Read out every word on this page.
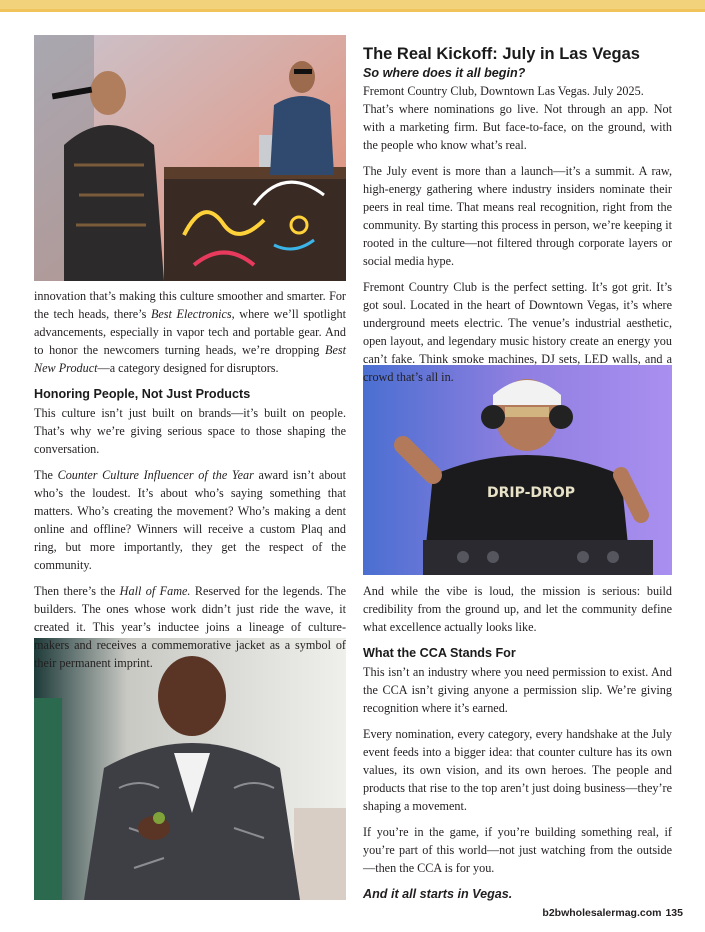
DRIP-DROP

innovation that’s making this culture smoother and smarter. For the tech heads, there’s Best Electronics, where we’ll spotlight advancements, especially in vapor tech and portable gear. And to honor the newcomers turning heads, we’re dropping Best New Product—a category designed for disruptors.

Honoring People, Not Just Products

This culture isn’t just built on brands—it’s built on people. That’s why we’re giving serious space to those shaping the conversation.

The Counter Culture Influencer of the Year award isn’t about who’s the loudest. It’s about who’s saying something that matters. Who’s creating the movement? Who’s making a dent online and offline? Winners will receive a custom Plaq and ring, but more importantly, they get the respect of the community.

Then there’s the Hall of Fame. Reserved for the legends. The builders. The ones whose work didn’t just ride the wave, it created it. This year’s inductee joins a lineage of culture-makers and receives a commemorative jacket as a symbol of their permanent imprint.

The Real Kickoff: July in Las Vegas
So where does it all begin?

Fremont Country Club, Downtown Las Vegas. July 2025.
That’s where nominations go live. Not through an app. Not with a marketing firm. But face-to-face, on the ground, with the people who know what’s real.

The July event is more than a launch—it’s a summit. A raw, high-energy gathering where industry insiders nominate their peers in real time. That means real recognition, right from the community. By starting this process in person, we’re keeping it rooted in the culture—not filtered through corporate layers or social media hype.

Fremont Country Club is the perfect setting. It’s got grit. It’s got soul. Located in the heart of Downtown Vegas, it’s where underground meets electric. The venue’s industrial aesthetic, open layout, and legendary music history create an energy you can’t fake. Think smoke machines, DJ sets, LED walls, and a crowd that’s all in.

And while the vibe is loud, the mission is serious: build credibility from the ground up, and let the community define what excellence actually looks like.

What the CCA Stands For

This isn’t an industry where you need permission to exist. And the CCA isn’t giving anyone a permission slip. We’re giving recognition where it’s earned.

Every nomination, every category, every handshake at the July event feeds into a bigger idea: that counter culture has its own values, its own vision, and its own heroes. The people and products that rise to the top aren’t just doing business—they’re shaping a movement.

If you’re in the game, if you’re building something real, if you’re part of this world—not just watching from the outside—then the CCA is for you.

And it all starts in Vegas.
b2bwholesalermag.com 135
